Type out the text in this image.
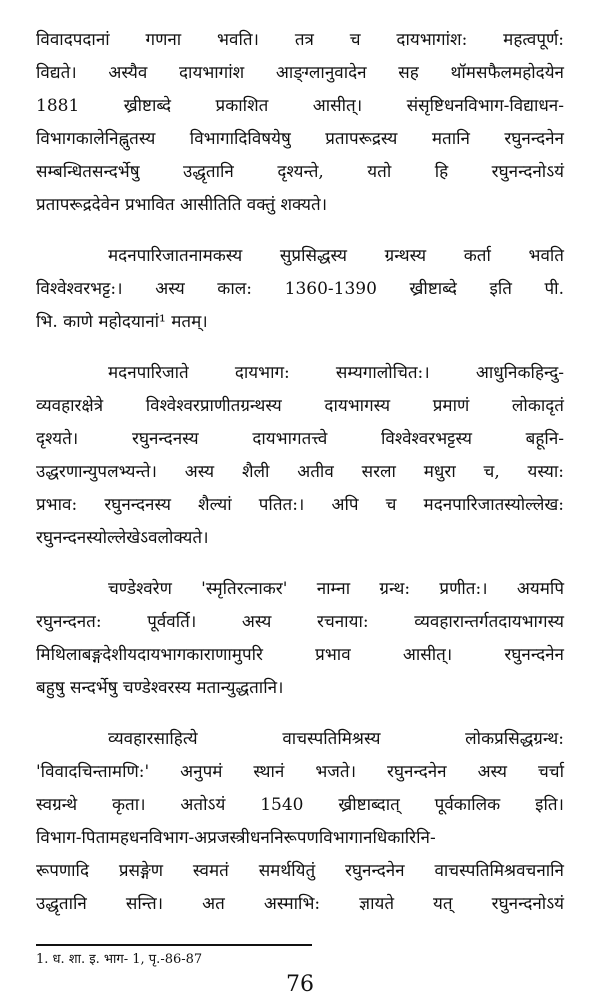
विवादपदानां गणना भवति। तत्र च दायभागांश: महत्वपूर्ण:
विद्यते। अस्यैव दायभागांश आङ्ग्लानुवादेन सह थॉमसफैलमहोदयेन
1881 ख्रीष्टाब्दे प्रकाशित आसीत्। संसृष्टिधनविभाग-विद्याधन-
विभागकालेनिह्नुतस्य विभागादिविषयेषु प्रतापरूद्रस्य मतानि रघुनन्दनेन
सम्बन्धितसन्दर्भेषु उद्धृतानि दृश्यन्ते, यतो हि रघुनन्दनोऽयं
प्रतापरूद्रदेवेन प्रभावित आसीतिति वक्तुं शक्यते।

मदनपारिजातनामकस्य सुप्रसिद्धस्य ग्रन्थस्य कर्ता भवति
विश्वेश्वरभट्ट:। अस्य काल: 1360-1390 ख्रीष्टाब्दे इति पी.
भि. काणे महोदयानां¹ मतम्।

मदनपारिजाते दायभाग: सम्यगालोचित:। आधुनिकहिन्दु-
व्यवहारक्षेत्रे विश्वेश्वरप्राणीतग्रन्थस्य दायभागस्य प्रमाणं लोकादृतं
दृश्यते। रघुनन्दनस्य दायभागतत्त्वे विश्वेश्वरभट्टस्य बहूनि-
उद्धरणान्युपलभ्यन्ते। अस्य शैली अतीव सरला मधुरा च, यस्या:
प्रभाव: रघुनन्दनस्य शैल्यां पतित:। अपि च मदनपारिजातस्योल्लेख:
रघुनन्दनस्योल्लेखेऽवलोक्यते।

चण्डेश्वरेण 'स्मृतिरत्नाकर' नाम्ना ग्रन्थ: प्रणीत:। अयमपि
रघुनन्दनत: पूर्ववर्ति। अस्य रचनाया: व्यवहारान्तर्गतदायभागस्य
मिथिलाबङ्गदेशीयदायभागकाराणामुपरि प्रभाव आसीत्। रघुनन्दनेन
बहुषु सन्दर्भेषु चण्डेश्वरस्य मतान्युद्धतानि।

व्यवहारसाहित्ये वाचस्पतिमिश्रस्य लोकप्रसिद्धग्रन्थ:
'विवादचिन्तामणि:' अनुपमं स्थानं भजते। रघुनन्दनेन अस्य चर्चा
स्वग्रन्थे कृता। अतोऽयं 1540 ख्रीष्टाब्दात् पूर्वकालिक इति।
विभाग-पितामहधनविभाग-अप्रजस्त्रीधननिरूपणविभागानधिकारिनि-
रूपणादि प्रसङ्गेण स्वमतं समर्थयितुं रघुनन्दनेन वाचस्पतिमिश्रवचनानि
उद्धृतानि सन्ति। अत अस्माभि: ज्ञायते यत् रघुनन्दनोऽयं

1. ध. शा. इ. भाग- 1, पृ.-86-87
76
